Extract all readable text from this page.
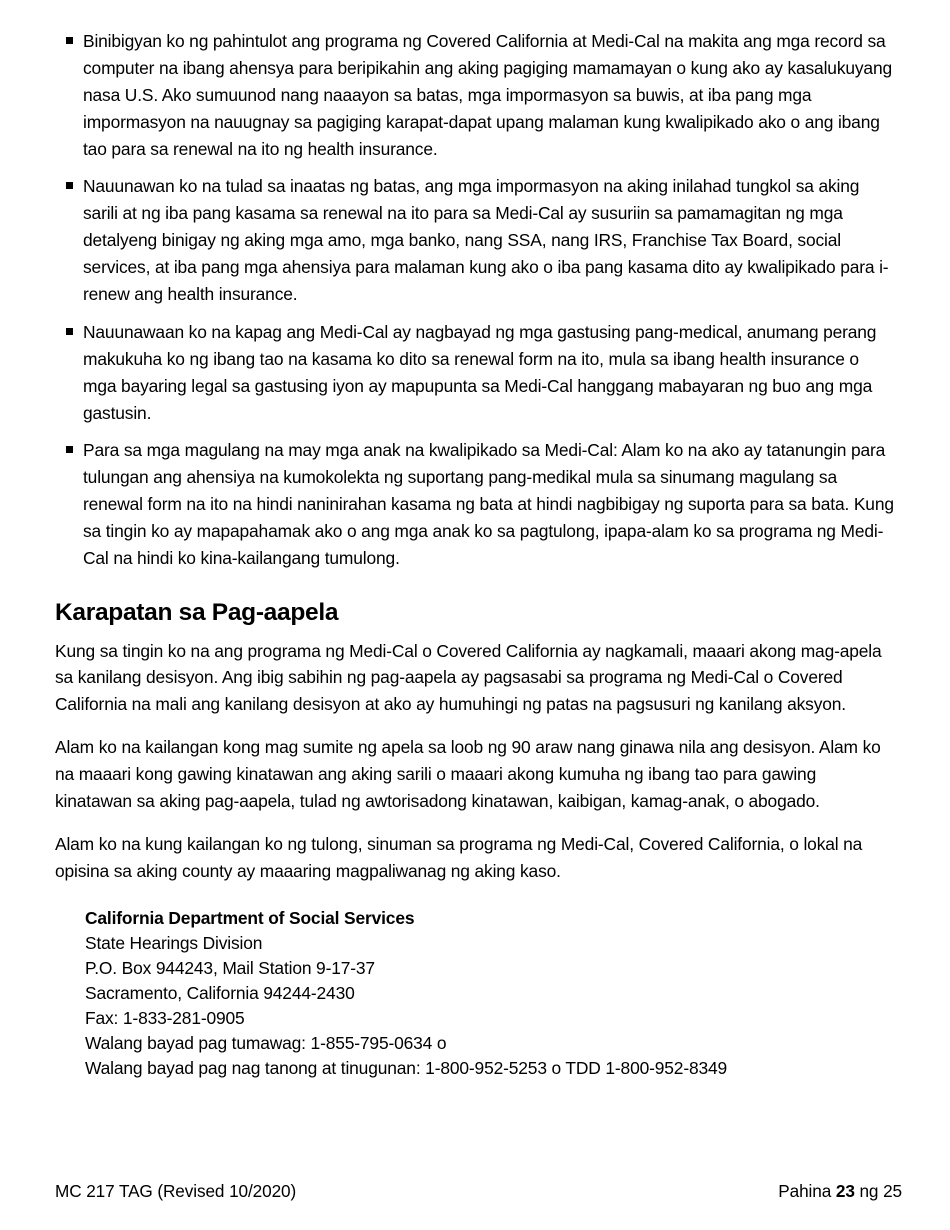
Binibigyan ko ng pahintulot ang programa ng Covered California at Medi-Cal na makita ang mga record sa computer na ibang ahensya para beripikahin ang aking pagiging mamamayan o kung ako ay kasalukuyang nasa U.S. Ako sumuunod nang naaayon sa batas, mga impormasyon sa buwis, at iba pang mga impormasyon na nauugnay sa pagiging karapat-dapat upang malaman kung kwalipikado ako o ang ibang tao para sa renewal na ito ng health insurance.
Nauunawan ko na tulad sa inaatas ng batas, ang mga impormasyon na aking inilahad tungkol sa aking sarili at ng iba pang kasama sa renewal na ito para sa Medi-Cal ay susuriin sa pamamagitan ng mga detalyeng binigay ng aking mga amo, mga banko, nang SSA, nang IRS, Franchise Tax Board, social services, at iba pang mga ahensiya para malaman kung ako o iba pang kasama dito ay kwalipikado para i-renew ang health insurance.
Nauunawaan ko na kapag ang Medi-Cal ay nagbayad ng mga gastusing pang-medical, anumang perang makukuha ko ng ibang tao na kasama ko dito sa renewal form na ito, mula sa ibang health insurance o mga bayaring legal sa gastusing iyon ay mapupunta sa Medi-Cal hanggang mabayaran ng buo ang mga gastusin.
Para sa mga magulang na may mga anak na kwalipikado sa Medi-Cal: Alam ko na ako ay tatanungin para tulungan ang ahensiya na kumokolekta ng suportang pang-medikal mula sa sinumang magulang sa renewal form na ito na hindi naninirahan kasama ng bata at hindi nagbibigay ng suporta para sa bata. Kung sa tingin ko ay mapapahamak ako o ang mga anak ko sa pagtulong, ipapa-alam ko sa programa ng Medi-Cal na hindi ko kina-kailangang tumulong.
Karapatan sa Pag-aapela

Kung sa tingin ko na ang programa ng Medi-Cal o Covered California ay nagkamali, maaari akong mag-apela sa kanilang desisyon. Ang ibig sabihin ng pag-aapela ay pagsasabi sa programa ng Medi-Cal o Covered California na mali ang kanilang desisyon at ako ay humuhingi ng patas na pagsusuri ng kanilang aksyon.

Alam ko na kailangan kong mag sumite ng apela sa loob ng 90 araw nang ginawa nila ang desisyon. Alam ko na maaari kong gawing kinatawan ang aking sarili o maaari akong kumuha ng ibang tao para gawing kinatawan sa aking pag-aapela, tulad ng awtorisadong kinatawan, kaibigan, kamag-anak, o abogado.

Alam ko na kung kailangan ko ng tulong, sinuman sa programa ng Medi-Cal, Covered California, o lokal na opisina sa aking county ay maaaring magpaliwanag ng aking kaso.

California Department of Social Services
State Hearings Division
P.O. Box 944243, Mail Station 9-17-37
Sacramento, California 94244-2430
Fax: 1-833-281-0905
Walang bayad pag tumawag: 1-855-795-0634 o
Walang bayad pag nag tanong at tinugunan: 1-800-952-5253 o TDD 1-800-952-8349
MC 217 TAG (Revised 10/2020)	Pahina 23 ng 25
